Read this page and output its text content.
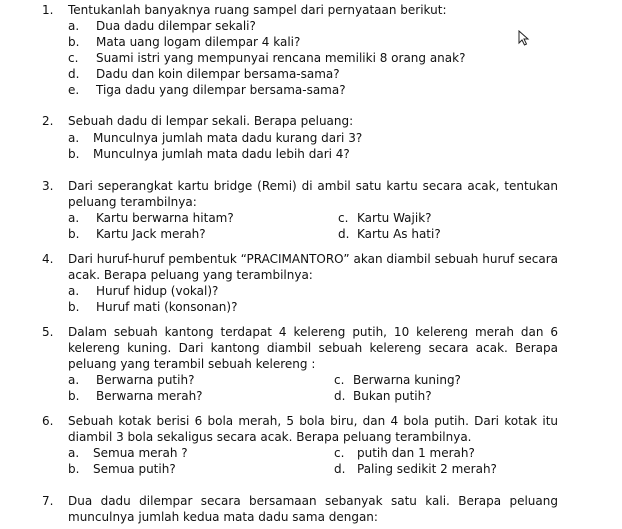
1. Tentukanlah banyaknya ruang sampel dari pernyataan berikut:
a. Dua dadu dilempar sekali?
b. Mata uang logam dilempar 4 kali?
c. Suami istri yang mempunyai rencana memiliki 8 orang anak?
d. Dadu dan koin dilempar bersama-sama?
e. Tiga dadu yang dilempar bersama-sama?
2. Sebuah dadu di lempar sekali. Berapa peluang:
a. Munculnya jumlah mata dadu kurang dari 3?
b. Munculnya jumlah mata dadu lebih dari 4?
3. Dari seperangkat kartu bridge (Remi) di ambil satu kartu secara acak, tentukan
peluang terambilnya:
a. Kartu berwarna hitam?	c. Kartu Wajik?
b. Kartu Jack merah?	d. Kartu As hati?
4. Dari huruf-huruf pembentuk “PRACIMANTORO” akan diambil sebuah huruf secara
acak. Berapa peluang yang terambilnya:
a. Huruf hidup (vokal)?
b. Huruf mati (konsonan)?
5. Dalam sebuah kantong terdapat 4 kelereng putih, 10 kelereng merah dan 6
kelereng kuning. Dari kantong diambil sebuah kelereng secara acak. Berapa
peluang yang terambil sebuah kelereng :
a. Berwarna putih?	c. Berwarna kuning?
b. Berwarna merah?	d. Bukan putih?
6. Sebuah kotak berisi 6 bola merah, 5 bola biru, dan 4 bola putih. Dari kotak itu
diambil 3 bola sekaligus secara acak. Berapa peluang terambilnya.
a. Semua merah ?	c. putih dan 1 merah?
b. Semua putih?	d. Paling sedikit 2 merah?
7. Dua dadu dilempar secara bersamaan sebanyak satu kali. Berapa peluang
munculnya jumlah kedua mata dadu sama dengan:
